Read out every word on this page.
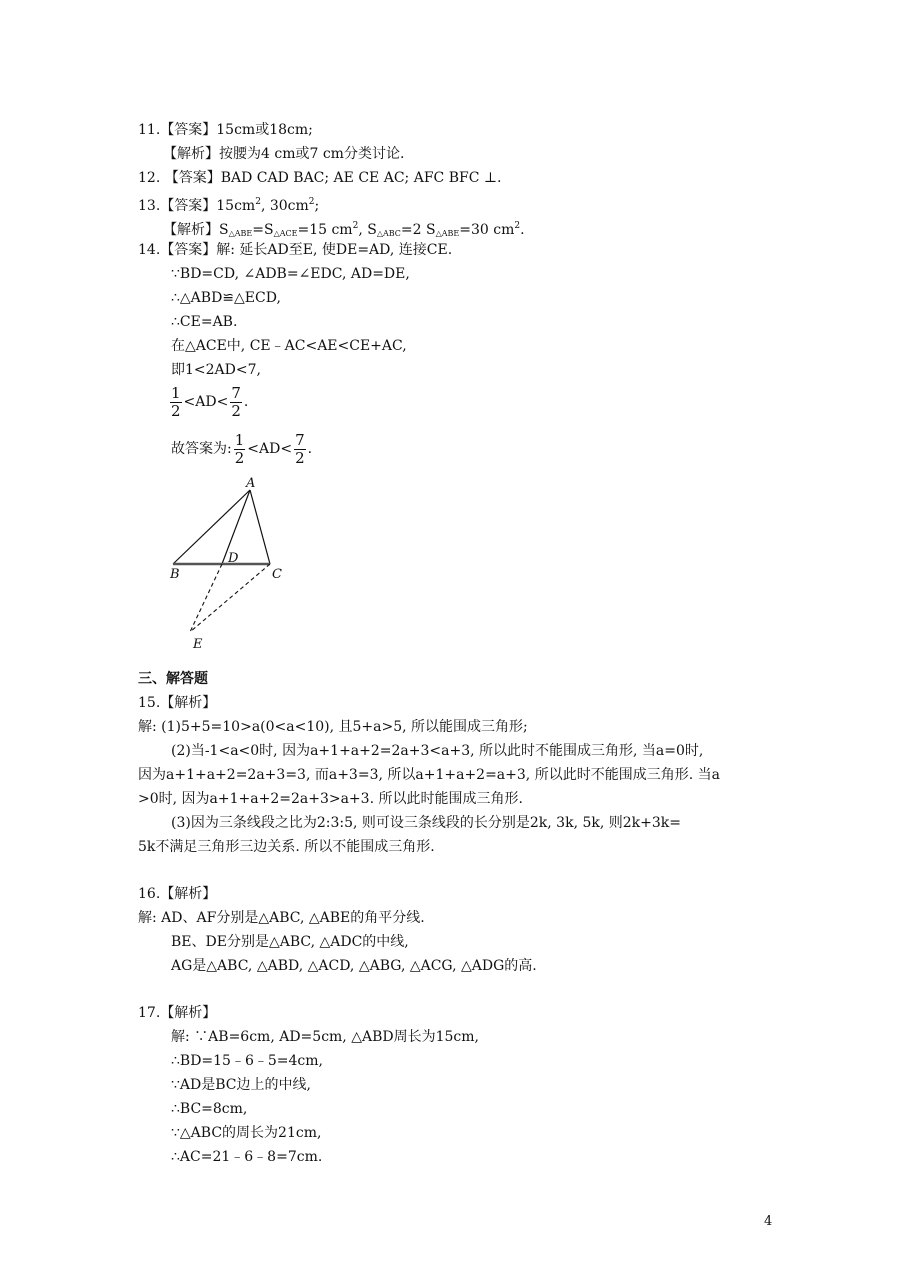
11.【答案】15cm或18cm;
【解析】按腰为4 cm或7 cm分类讨论.
12. 【答案】BAD CAD BAC; AE CE AC; AFC BFC ⊥.
13.【答案】$15cm^2$, $30cm^2$;
【解析】$S_{\triangle ABE}=S_{\triangle ACE}=15$ $cm^2$, $S_{\triangle ABC}=2$ $S_{\triangle ABE}=30$ $cm^2$.
14.【答案】解: 延长AD至E, 使DE=AD, 连接CE.
∵BD=CD, ∠ADB=∠EDC, AD=DE,
∴△ABD≌△ECD,
∴CE=AB.
在△ACE中, CE﹣AC<AE<CE+AC,
即1<2AD<7,
$\frac{1}{2} <AD< \frac{7}{2}$ .
故答案为: $\frac{1}{2} <AD< \frac{7}{2}$ .
A
B	C
D
E
三、解答题
15.【解析】
解: (1)5+5=10>a(0<a<10), 且5+a>5, 所以能围成三角形;
(2)当-1<a<0时, 因为a+1+a+2=2a+3<a+3, 所以此时不能围成三角形, 当a=0时,
因为a+1+a+2=2a+3=3, 而a+3=3, 所以a+1+a+2=a+3, 所以此时不能围成三角形. 当a
>0时, 因为a+1+a+2=2a+3>a+3. 所以此时能围成三角形.
(3)因为三条线段之比为2:3:5, 则可设三条线段的长分别是2k, 3k, 5k, 则2k+3k=
5k不满足三角形三边关系. 所以不能围成三角形.
16.【解析】
解: AD、AF分别是△ABC, △ABE的角平分线.
BE、DE分别是△ABC, △ADC的中线,
AG是△ABC, △ABD, △ACD, △ABG, △ACG, △ADG的高.
17.【解析】
解: ∵AB=6cm, AD=5cm, △ABD周长为15cm,
∴BD=15﹣6﹣5=4cm,
∵AD是BC边上的中线,
∴BC=8cm,
∵△ABC的周长为21cm,
∴AC=21﹣6﹣8=7cm.
4
